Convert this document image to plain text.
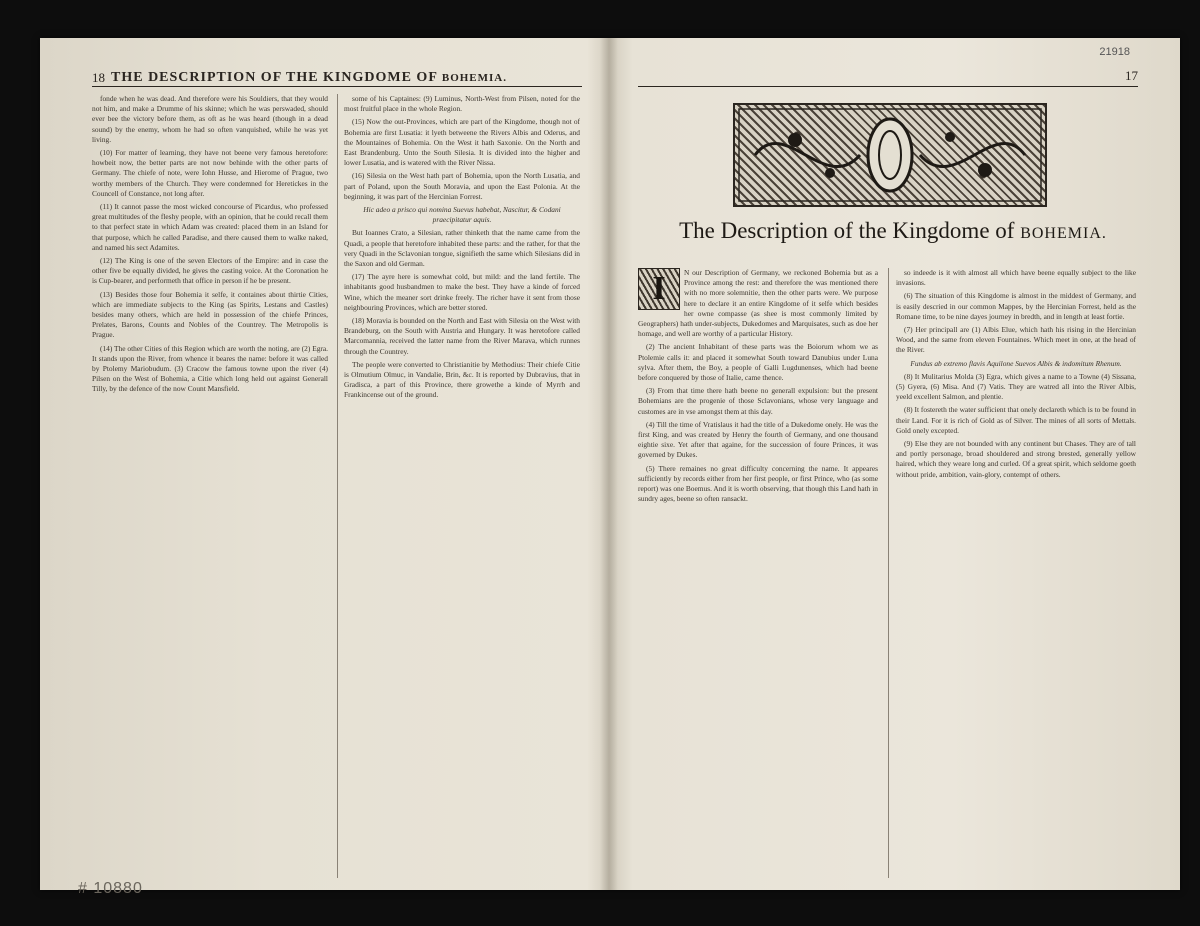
18 THE DESCRIPTION OF THE KINGDOME OF BOHEMIA.

fonde when he was dead. And therefore were his Souldiers, that they would not him, and make a Drumme of his skinne; which he was perswaded, should ever bee the victory before them, as oft as he was heard (though in a dead sound) by the enemy, whom he had so often vanquished, while he was yet living.

(10) For matter of learning, they have not beene very famous heretofore: howbeit now, the better parts are not now behinde with the other parts of Germany. The chiefe of note, were Iohn Husse, and Hierome of Prague, two worthy members of the Church. They were condemned for Heretickes in the Councell of Constance, not long after.

(11) It cannot passe the most wicked concourse of Picardus, who professed great multitudes of the fleshy people, with an opinion, that he could recall them to that perfect state in which Adam was created: placed them in an Island for that purpose, which he called Paradise, and there caused them to walke naked, and named his sect Adamites.

(12) The King is one of the seven Electors of the Empire: and in case the other five be equally divided, he gives the casting voice. At the Coronation he is Cup-bearer, and performeth that office in person if he be present.

(13) Besides those four Bohemia it selfe, it containes about thirtie Cities, which are immediate subjects to the King (as Spirits, Lestans and Castles) besides many others, which are held in possession of the chiefe Princes, Prelates, Barons, Counts and Nobles of the Countrey. The Metropolis is Prague.

(14) The other Cities of this Region which are worth the noting, are (2) Egra. It stands upon the River, from whence it beares the name: before it was called by Ptolemy Mariobudum. (3) Cracow the famous towne upon the river (4) Pilsen on the West of Bohemia, a Citie which long held out against Generall Tilly, by the defence of the now Count Mansfield.

some of his Captaines: (9) Luminus, North-West from Pilsen, noted for the most fruitful place in the whole Region.

(15) Now the out-Provinces, which are part of the Kingdome, though not of Bohemia are first Lusatia: it lyeth betweene the Rivers Albis and Oderus, and the Mountaines of Bohemia. On the West it hath Saxonie. On the North and East Brandenburg. Unto the South Silesia. It is divided into the higher and lower Lusatia, and is watered with the River Nissa.

(16) Silesia on the West hath part of Bohemia, upon the North Lusatia, and part of Poland, upon the South Moravia, and upon the East Polonia. At the beginning, it was part of the Hercinian Forrest.

Hic adeo a prisco qui nomina Suevus habebat, Nascitur, & Codani praecipitatur aquis.

But Ioannes Crato, a Silesian, rather thinketh that the name came from the Quadi, a people that heretofore inhabited these parts: and the rather, for that the very Quadi in the Sclavonian tongue, signifieth the same which Silesians did in the Saxon and old German.

(17) The ayre here is somewhat cold, but mild: and the land fertile. The inhabitants good husbandmen to make the best. They have a kinde of forced Wine, which the meaner sort drinke freely. The richer have it sent from those neighbouring Provinces, which are better stored.

(18) Moravia is bounded on the North and East with Silesia on the West with Brandeburg, on the South with Austria and Hungary. It was heretofore called Marcomannia, received the latter name from the River Marava, which runnes through the Countrey.

The people were converted to Christianitie by Methodius: Their chiefe Citie is Olmutium Olmuc, in Vandalie, Brin, &c. It is reported by Dubravius, that in Gradisca, a part of this Province, there growethe a kinde of Myrrh and Frankincense out of the ground.

21918
17
The Description of the Kingdome of BOHEMIA.

I	N our Description of Germany, we reckoned Bohemia but as a Province among the rest: and therefore the was mentioned there with no more solemnitie, then the other parts were. We purpose here to declare it an entire Kingdome of it selfe which besides her owne compasse (as shee is most commonly limited by Geographers) hath under-subjects, Dukedomes and Marquisates, such as doe her homage, and well are worthy of a particular History.

(2) The ancient Inhabitant of these parts was the Boiorum whom we as Ptolemie calls it: and placed it somewhat South toward Danubius under Luna sylva. After them, the Boy, a people of Galli Lugdunenses, which had beene before conquered by those of Italie, came thence.

(3) From that time there hath beene no generall expulsion: but the present Bohemians are the progenie of those Sclavonians, whose very language and customes are in vse amongst them at this day.

(4) Till the time of Vratislaus it had the title of a Dukedome onely. He was the first King, and was created by Henry the fourth of Germany, and one thousand eightie sixe. Yet after that againe, for the succession of foure Princes, it was governed by Dukes.

(5) There remaines no great difficulty concerning the name. It appeares sufficiently by records either from her first people, or first Prince, who (as some report) was one Boemus. And it is worth observing, that though this Land hath in sundry ages, beene so often ransackt.

so indeede is it with almost all which have beene equally subject to the like invasions.

(6) The situation of this Kingdome is almost in the middest of Germany, and is easily descried in our common Mappes, by the Hercinian Forrest, held as the Romane time, to be nine dayes journey in bredth, and in length at least fortie.

(7) Her principall are (1) Albis Elue, which hath his rising in the Hercinian Wood, and the same from eleven Fountaines. Which meet in one, at the head of the River.

Fundus ab extremo flavis Aquilone Suevos Albis & indomitum Rhenum.

(8) It Mulitarius Molda (3) Egra, which gives a name to a Towne (4) Sissana, (5) Gyera, (6) Misa. And (7) Vatis. They are watred all into the River Albis, yeeld excellent Salmon, and plentie.

(8) It fostereth the water sufficient that onely declareth which is to be found in their Land. For it is rich of Gold as of Silver. The mines of all sorts of Mettals. Gold onely excepted.

(9) Else they are not bounded with any continent but Chases. They are of tall and portly personage, broad shouldered and strong brested, generally yellow haired, which they weare long and curled. Of a great spirit, which seldome goeth without pride, ambition, vain-glory, contempt of others.

# 10880
